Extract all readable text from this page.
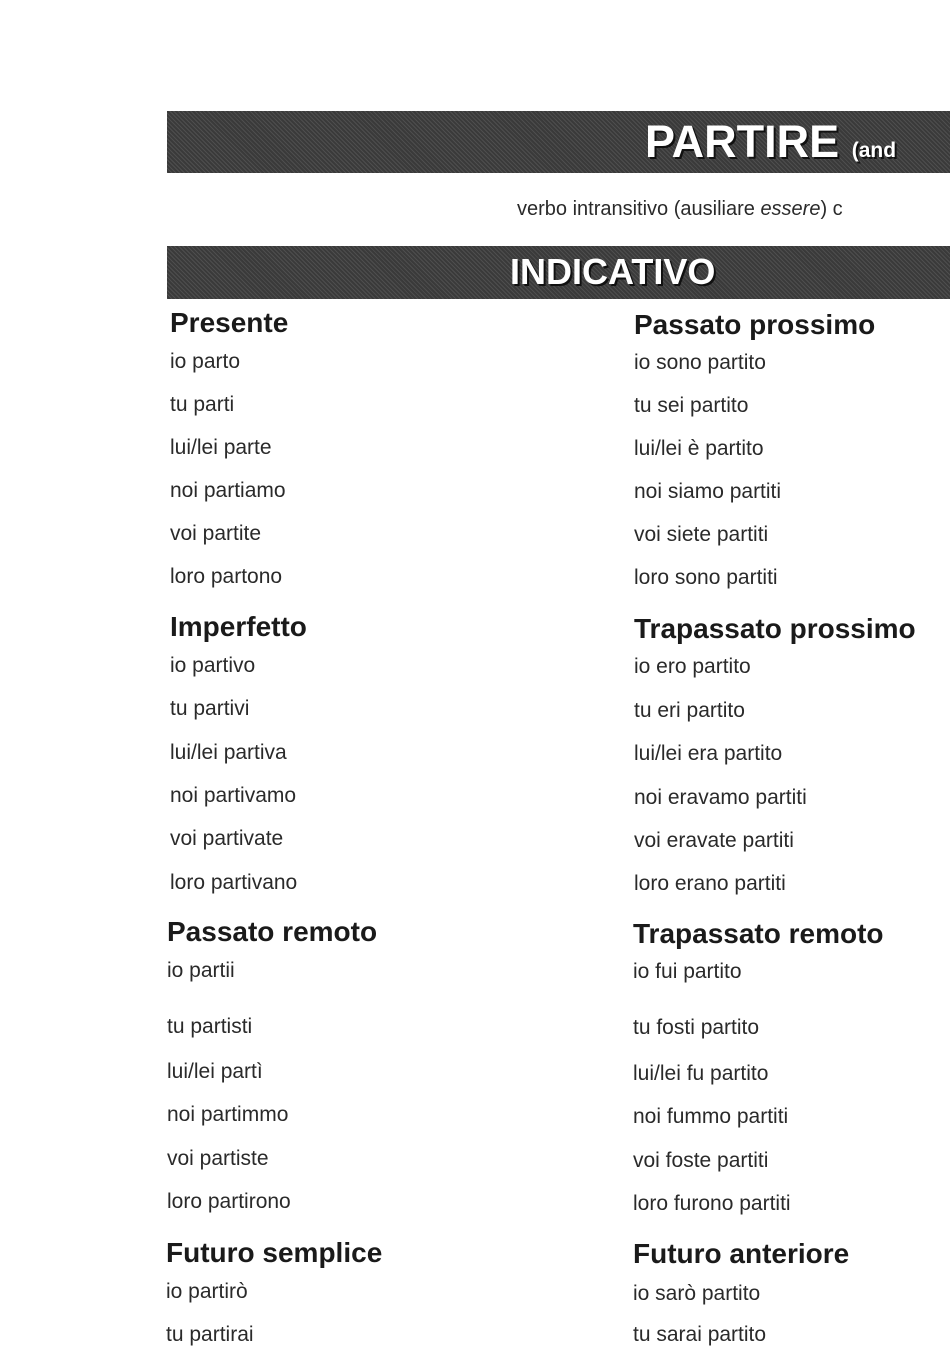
PARTIRE (and
verbo intransitivo (ausiliare essere) c
INDICATIVO
Presente
io parto
tu parti
lui/lei parte
noi partiamo
voi partite
loro partono
Imperfetto
io partivo
tu partivi
lui/lei partiva
noi partivamo
voi partivate
loro partivano
Passato remoto
io partii
tu partisti
lui/lei partì
noi partimmo
voi partiste
loro partirono
Futuro semplice
io partirò
tu partirai
Passato prossimo
io sono partito
tu sei partito
lui/lei è partito
noi siamo partiti
voi siete partiti
loro sono partiti
Trapassato prossimo
io ero partito
tu eri partito
lui/lei era partito
noi eravamo partiti
voi eravate partiti
loro erano partiti
Trapassato remoto
io fui partito
tu fosti partito
lui/lei fu partito
noi fummo partiti
voi foste partiti
loro furono partiti
Futuro anteriore
io sarò partito
tu sarai partito
